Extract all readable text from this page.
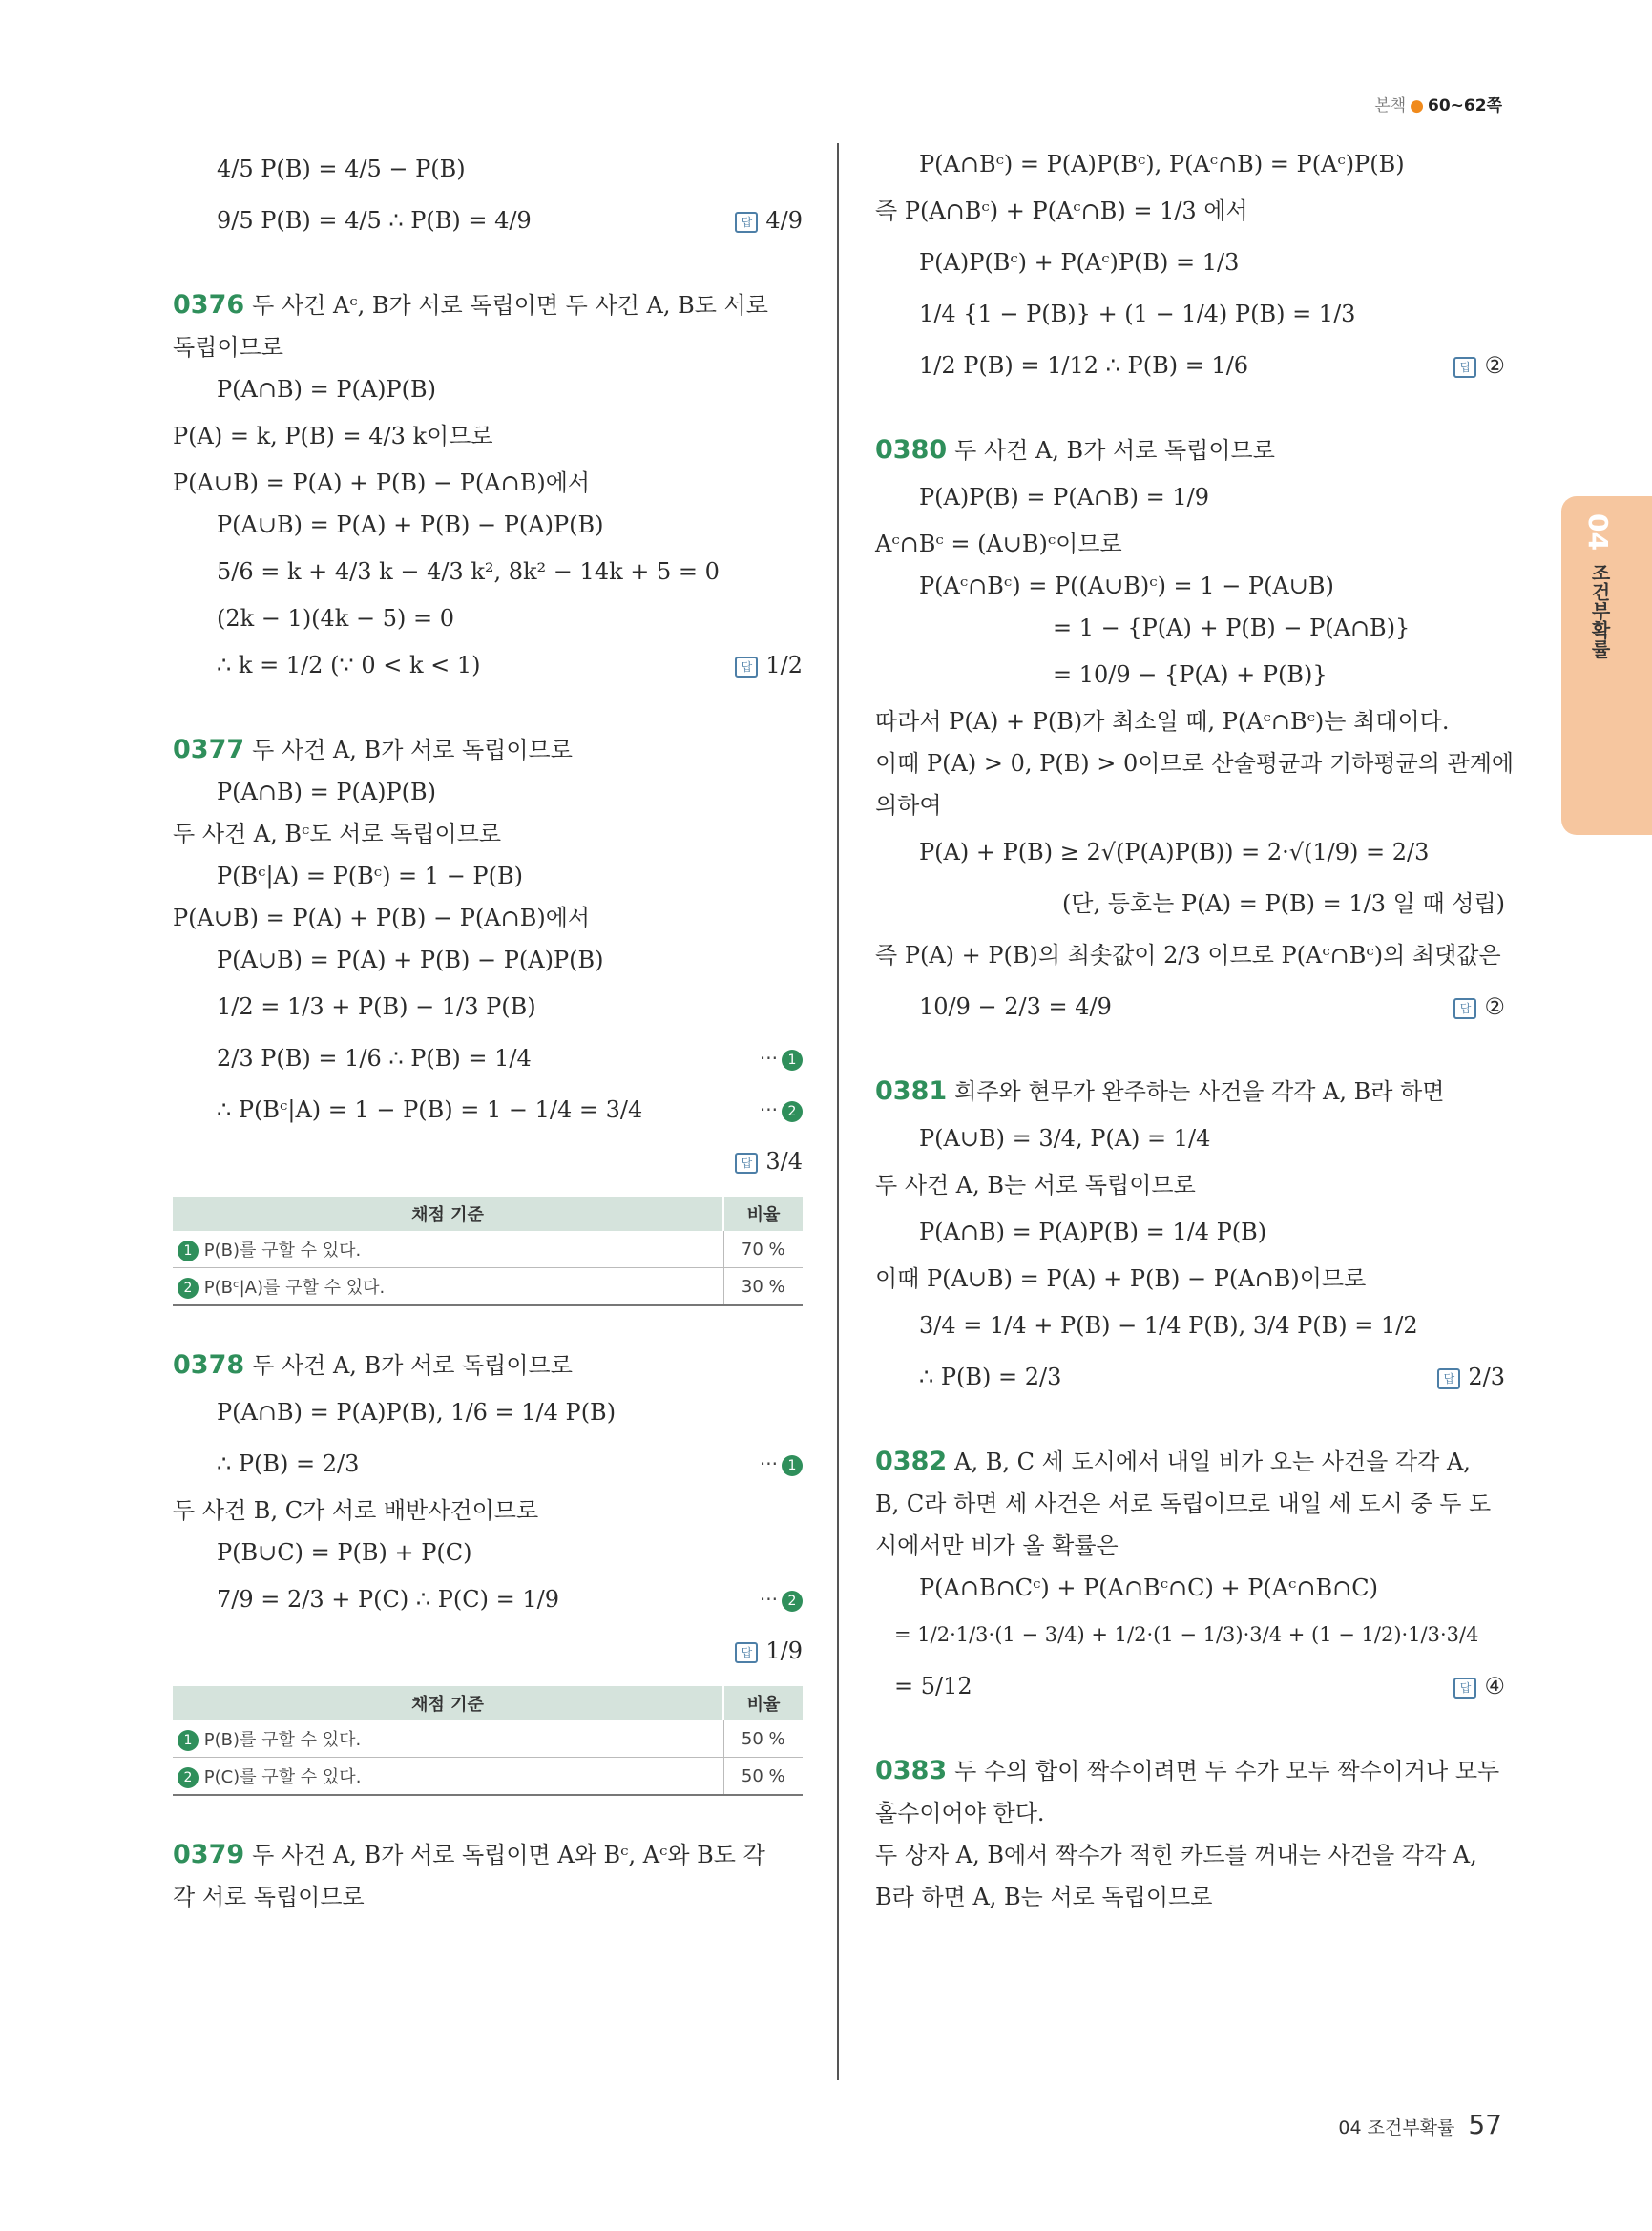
본책 ● 60~62쪽
4/5 P(B) = 4/5 − P(B)
9/5 P(B) = 4/5 ∴ P(B) = 4/9	답 4/9
0376 두 사건 Aᶜ, B가 서로 독립이면 두 사건 A, B도 서로
독립이므로
P(A∩B) = P(A)P(B)
P(A) = k, P(B) = 4/3 k이므로
P(A∪B) = P(A) + P(B) − P(A∩B)에서
P(A∪B) = P(A) + P(B) − P(A)P(B)
5/6 = k + 4/3 k − 4/3 k², 8k² − 14k + 5 = 0
(2k − 1)(4k − 5) = 0
∴ k = 1/2 (∵ 0 < k < 1)	답 1/2
0377 두 사건 A, B가 서로 독립이므로
P(A∩B) = P(A)P(B)
두 사건 A, Bᶜ도 서로 독립이므로
P(Bᶜ|A) = P(Bᶜ) = 1 − P(B)
P(A∪B) = P(A) + P(B) − P(A∩B)에서
P(A∪B) = P(A) + P(B) − P(A)P(B)
1/2 = 1/3 + P(B) − 1/3 P(B)
2/3 P(B) = 1/6 ∴ P(B) = 1/4	··· 1
∴ P(Bᶜ|A) = 1 − P(B) = 1 − 1/4 = 3/4	··· 2
답 3/4
채점 기준	비율
1 P(B)를 구할 수 있다.	70 %
2 P(Bᶜ|A)를 구할 수 있다.	30 %
0378 두 사건 A, B가 서로 독립이므로
P(A∩B) = P(A)P(B), 1/6 = 1/4 P(B)
∴ P(B) = 2/3	··· 1
두 사건 B, C가 서로 배반사건이므로
P(B∪C) = P(B) + P(C)
7/9 = 2/3 + P(C) ∴ P(C) = 1/9	··· 2
답 1/9
채점 기준	비율
1 P(B)를 구할 수 있다.	50 %
2 P(C)를 구할 수 있다.	50 %
0379 두 사건 A, B가 서로 독립이면 A와 Bᶜ, Aᶜ와 B도 각
각 서로 독립이므로
P(A∩Bᶜ) = P(A)P(Bᶜ), P(Aᶜ∩B) = P(Aᶜ)P(B)
즉 P(A∩Bᶜ) + P(Aᶜ∩B) = 1/3 에서
P(A)P(Bᶜ) + P(Aᶜ)P(B) = 1/3
1/4 {1 − P(B)} + (1 − 1/4) P(B) = 1/3
1/2 P(B) = 1/12 ∴ P(B) = 1/6	답 ②
0380 두 사건 A, B가 서로 독립이므로
P(A)P(B) = P(A∩B) = 1/9
Aᶜ∩Bᶜ = (A∪B)ᶜ이므로
P(Aᶜ∩Bᶜ) = P((A∪B)ᶜ) = 1 − P(A∪B)
= 1 − {P(A) + P(B) − P(A∩B)}
= 10/9 − {P(A) + P(B)}
따라서 P(A) + P(B)가 최소일 때, P(Aᶜ∩Bᶜ)는 최대이다.
이때 P(A) > 0, P(B) > 0이므로 산술평균과 기하평균의 관계에
의하여
P(A) + P(B) ≥ 2√(P(A)P(B)) = 2·√(1/9) = 2/3
(단, 등호는 P(A) = P(B) = 1/3 일 때 성립)
즉 P(A) + P(B)의 최솟값이 2/3 이므로 P(Aᶜ∩Bᶜ)의 최댓값은
10/9 − 2/3 = 4/9	답 ②
0381 희주와 현무가 완주하는 사건을 각각 A, B라 하면
P(A∪B) = 3/4, P(A) = 1/4
두 사건 A, B는 서로 독립이므로
P(A∩B) = P(A)P(B) = 1/4 P(B)
이때 P(A∪B) = P(A) + P(B) − P(A∩B)이므로
3/4 = 1/4 + P(B) − 1/4 P(B), 3/4 P(B) = 1/2
∴ P(B) = 2/3	답 2/3
0382 A, B, C 세 도시에서 내일 비가 오는 사건을 각각 A,
B, C라 하면 세 사건은 서로 독립이므로 내일 세 도시 중 두 도
시에서만 비가 올 확률은
P(A∩B∩Cᶜ) + P(A∩Bᶜ∩C) + P(Aᶜ∩B∩C)
= 1/2·1/3·(1 − 3/4) + 1/2·(1 − 1/3)·3/4 + (1 − 1/2)·1/3·3/4
= 5/12	답 ④
0383 두 수의 합이 짝수이려면 두 수가 모두 짝수이거나 모두
홀수이어야 한다.
두 상자 A, B에서 짝수가 적힌 카드를 꺼내는 사건을 각각 A,
B라 하면 A, B는 서로 독립이므로
04
조건부확률
04 조건부확률 57
